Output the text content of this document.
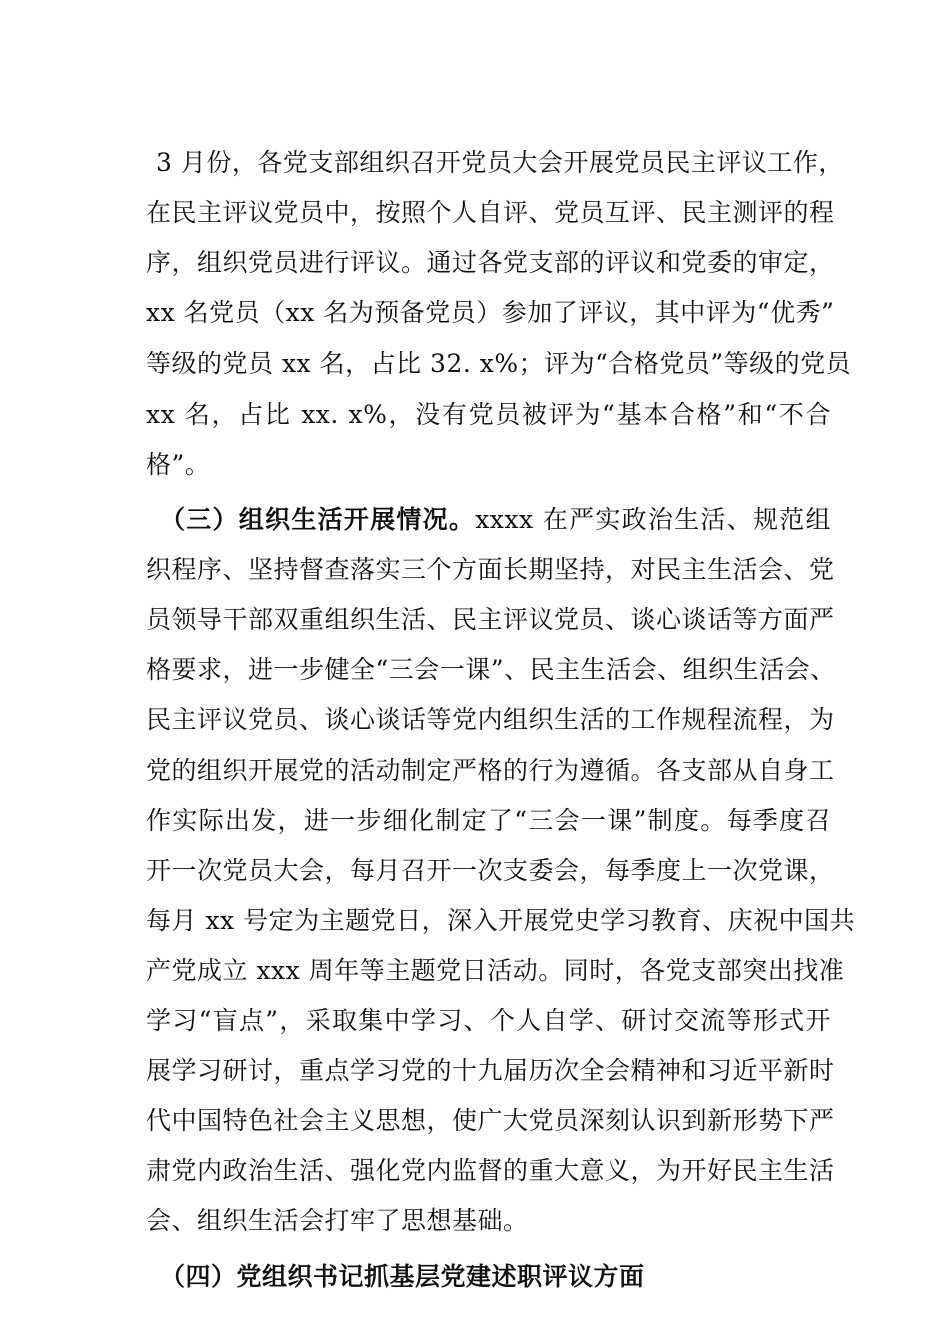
3 月份，各党支部组织召开党员大会开展党员民主评议工作，
在民主评议党员中，按照个人自评、党员互评、民主测评的程
序，组织党员进行评议。通过各党支部的评议和党委的审定，
xx 名党员（xx 名为预备党员）参加了评议，其中评为“优秀”
等级的党员 xx 名，占比 32. x%；评为“合格党员”等级的党员
xx 名，占比 xx. x%，没有党员被评为“基本合格”和“不合
格”。
（三）组织生活开展情况。xxxx 在严实政治生活、规范组
织程序、坚持督查落实三个方面长期坚持，对民主生活会、党
员领导干部双重组织生活、民主评议党员、谈心谈话等方面严
格要求，进一步健全“三会一课”、民主生活会、组织生活会、
民主评议党员、谈心谈话等党内组织生活的工作规程流程，为
党的组织开展党的活动制定严格的行为遵循。各支部从自身工
作实际出发，进一步细化制定了“三会一课”制度。每季度召
开一次党员大会，每月召开一次支委会，每季度上一次党课，
每月 xx 号定为主题党日，深入开展党史学习教育、庆祝中国共
产党成立 xxx 周年等主题党日活动。同时，各党支部突出找准
学习“盲点”，采取集中学习、个人自学、研讨交流等形式开
展学习研讨，重点学习党的十九届历次全会精神和习近平新时
代中国特色社会主义思想，使广大党员深刻认识到新形势下严
肃党内政治生活、强化党内监督的重大意义，为开好民主生活
会、组织生活会打牢了思想基础。
（四）党组织书记抓基层党建述职评议方面
